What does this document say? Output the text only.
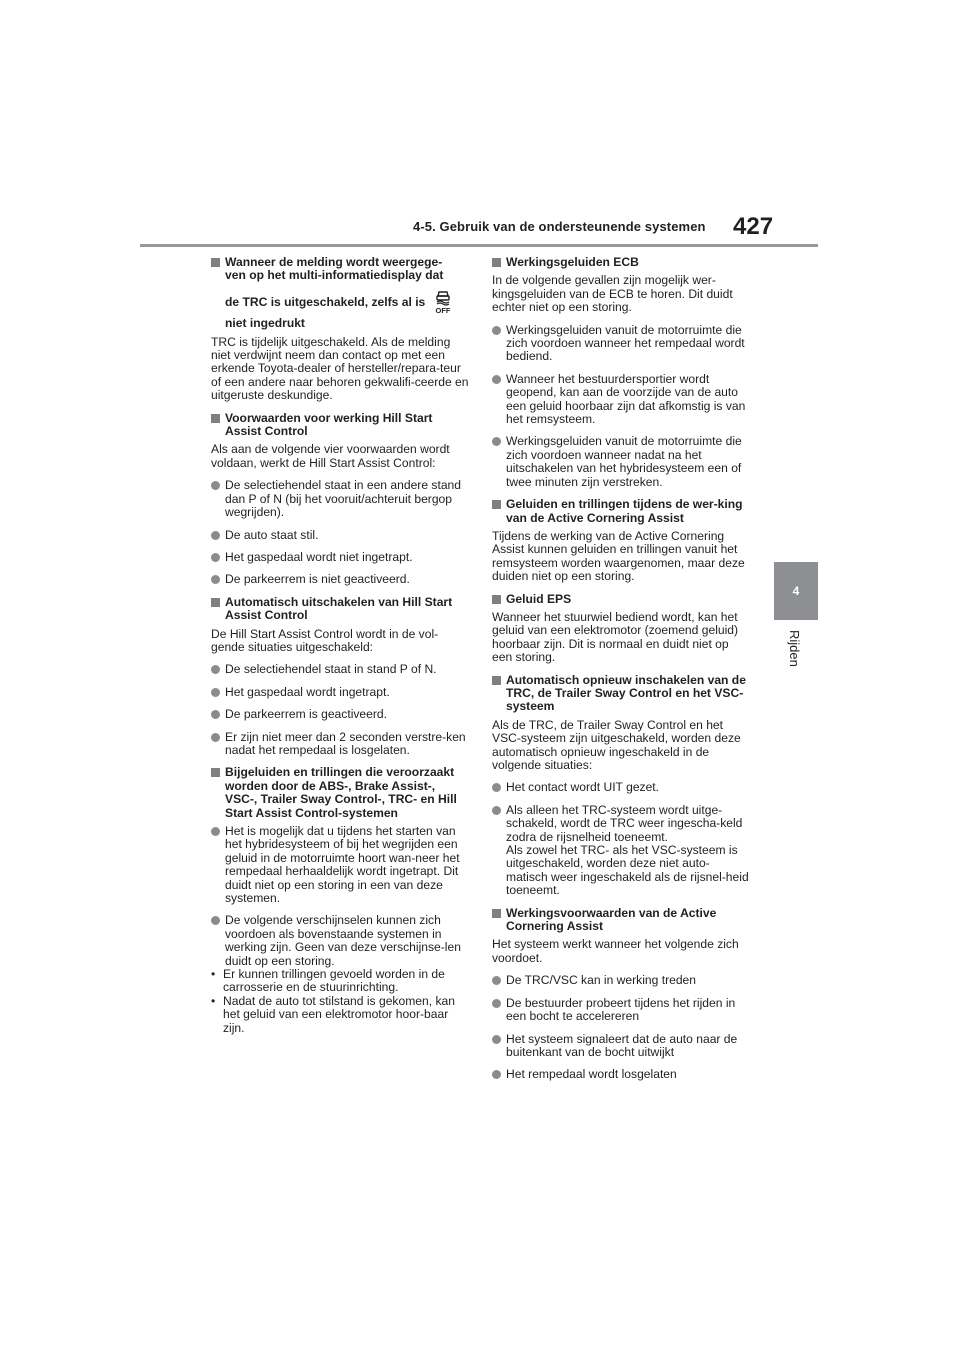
4-5. Gebruik van de ondersteunende systemen 427
4
Rijden
Wanneer de melding wordt weergege-
ven op het multi-informatiedisplay dat
de TRC is uitgeschakeld, zelfs al is
OFF
niet ingedrukt

TRC is tijdelijk uitgeschakeld. Als de melding niet verdwijnt neem dan contact op met een erkende Toyota-dealer of hersteller/repara-teur of een andere naar behoren gekwalifi-ceerde en uitgeruste deskundige.

Voorwaarden voor werking Hill Start Assist Control

Als aan de volgende vier voorwaarden wordt voldaan, werkt de Hill Start Assist Control:

De selectiehendel staat in een andere stand dan P of N (bij het vooruit/achteruit bergop wegrijden).
De auto staat stil.
Het gaspedaal wordt niet ingetrapt.
De parkeerrem is niet geactiveerd.
Automatisch uitschakelen van Hill Start Assist Control

De Hill Start Assist Control wordt in de vol-gende situaties uitgeschakeld:

De selectiehendel staat in stand P of N.
Het gaspedaal wordt ingetrapt.
De parkeerrem is geactiveerd.
Er zijn niet meer dan 2 seconden verstre-ken nadat het rempedaal is losgelaten.
Bijgeluiden en trillingen die veroorzaakt worden door de ABS-, Brake Assist-, VSC-, Trailer Sway Control-, TRC- en Hill Start Assist Control-systemen
Het is mogelijk dat u tijdens het starten van het hybridesysteem of bij het wegrijden een geluid in de motorruimte hoort wan-neer het rempedaal herhaaldelijk wordt ingetrapt. Dit duidt niet op een storing in een van deze systemen.
De volgende verschijnselen kunnen zich voordoen als bovenstaande systemen in werking zijn. Geen van deze verschijnse-len duidt op een storing.
• Er kunnen trillingen gevoeld worden in de carrosserie en de stuurinrichting.
• Nadat de auto tot stilstand is gekomen, kan het geluid van een elektromotor hoor-baar zijn.
Werkingsgeluiden ECB

In de volgende gevallen zijn mogelijk wer-kingsgeluiden van de ECB te horen. Dit duidt echter niet op een storing.

Werkingsgeluiden vanuit de motorruimte die zich voordoen wanneer het rempedaal wordt bediend.
Wanneer het bestuurdersportier wordt geopend, kan aan de voorzijde van de auto een geluid hoorbaar zijn dat afkomstig is van het remsysteem.
Werkingsgeluiden vanuit de motorruimte die zich voordoen wanneer nadat na het uitschakelen van het hybridesysteem een of twee minuten zijn verstreken.
Geluiden en trillingen tijdens de wer-king van de Active Cornering Assist

Tijdens de werking van de Active Cornering Assist kunnen geluiden en trillingen vanuit het remsysteem worden waargenomen, maar deze duiden niet op een storing.

Geluid EPS

Wanneer het stuurwiel bediend wordt, kan het geluid van een elektromotor (zoemend geluid) hoorbaar zijn. Dit is normaal en duidt niet op een storing.

Automatisch opnieuw inschakelen van de TRC, de Trailer Sway Control en het VSC-systeem

Als de TRC, de Trailer Sway Control en het VSC-systeem zijn uitgeschakeld, worden deze automatisch opnieuw ingeschakeld in de volgende situaties:

Het contact wordt UIT gezet.
Als alleen het TRC-systeem wordt uitge-schakeld, wordt de TRC weer ingescha-keld zodra de rijsnelheid toeneemt.
Als zowel het TRC- als het VSC-systeem is uitgeschakeld, worden deze niet auto-matisch weer ingeschakeld als de rijsnel-heid toeneemt.
Werkingsvoorwaarden van de Active Cornering Assist

Het systeem werkt wanneer het volgende zich voordoet.

De TRC/VSC kan in werking treden
De bestuurder probeert tijdens het rijden in een bocht te accelereren
Het systeem signaleert dat de auto naar de buitenkant van de bocht uitwijkt
Het rempedaal wordt losgelaten
